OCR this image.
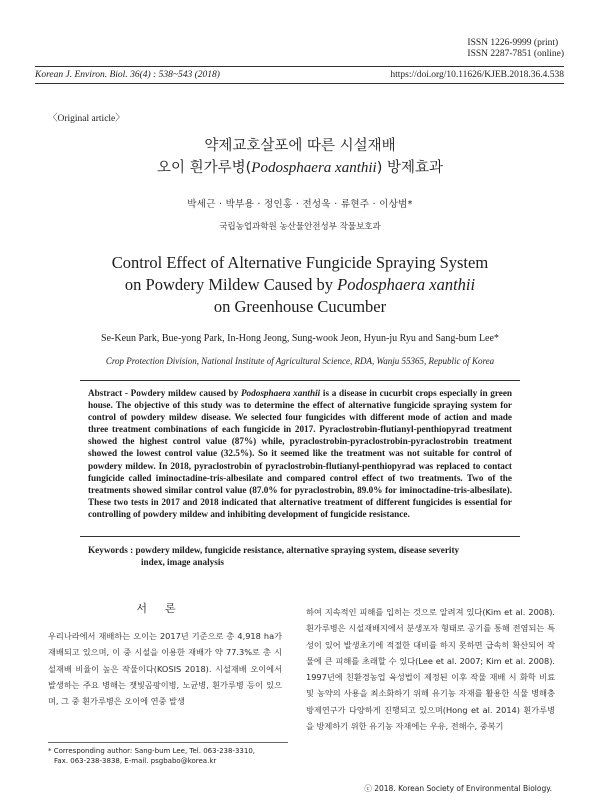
ISSN 1226-9999 (print)
ISSN 2287-7851 (online)
Korean J. Environ. Biol. 36(4) : 538~543 (2018)	https://doi.org/10.11626/KJEB.2018.36.4.538
〈Original article〉
약제교호살포에 따른 시설재배
오이 흰가루병(Podosphaera xanthii) 방제효과
박세근 · 박부용 · 정인홍 · 전성욱 · 류현주 · 이상범*
국립농업과학원 농산물안전성부 작물보호과
Control Effect of Alternative Fungicide Spraying System
on Powdery Mildew Caused by Podosphaera xanthii
on Greenhouse Cucumber
Se-Keun Park, Bue-yong Park, In-Hong Jeong, Sung-wook Jeon, Hyun-ju Ryu and Sang-bum Lee*
Crop Protection Division, National Institute of Agricultural Science, RDA, Wanju 55365, Republic of Korea

Abstract - Powdery mildew caused by Podosphaera xanthii is a disease in cucurbit crops especially in green house. The objective of this study was to determine the effect of alternative fungicide spraying system for control of powdery mildew disease. We selected four fungicides with different mode of action and made three treatment combinations of each fungicide in 2017. Pyraclostrobin-flutianyl-penthiopyrad treatment showed the highest control value (87%) while, pyraclostrobin-pyraclostrobin-pyraclostrobin treatment showed the lowest control value (32.5%). So it seemed like the treatment was not suitable for control of powdery mildew. In 2018, pyraclostrobin of pyraclostrobin-flutianyl-penthiopyrad was replaced to contact fungicide called iminoctadine-tris-albesilate and compared control effect of two treatments. Two of the treatments showed similar control value (87.0% for pyraclostrobin, 89.0% for iminoctadine-tris-albesilate). These two tests in 2017 and 2018 indicated that alternative treatment of different fungicides is essential for controlling of powdery mildew and inhibiting development of fungicide resistance.

Keywords : powdery mildew, fungicide resistance, alternative spraying system, disease severity
index, image analysis
서론
우리나라에서 재배하는 오이는 2017년 기준으로 총 4,918 ha가 재배되고 있으며, 이 중 시설을 이용한 재배가 약 77.3%로 총 시설재배 비율이 높은 작물이다(KOSIS 2018). 시설재배 오이에서 발생하는 주요 병해는 잿빛곰팡이병, 노균병, 흰가루병 등이 있으며, 그 중 흰가루병은 오이에 연중 발생
하여 지속적인 피해를 입히는 것으로 알려져 있다(Kim et al. 2008). 흰가루병은 시설재배지에서 분생포자 형태로 공기를 통해 전염되는 특성이 있어 발생초기에 적절한 대비를 하지 못하면 급속히 확산되어 작물에 큰 피해를 초래할 수 있다(Lee et al. 2007; Kim et al. 2008). 1997년에 친환경농업 육성법이 제정된 이후 작물 재배 시 화학 비료 및 농약의 사용을 최소화하기 위해 유기농 자재를 활용한 식물 병해충 방제연구가 다양하게 진행되고 있으며(Hong et al. 2014) 흰가루병을 방제하기 위한 유기농 자재에는 우유, 전해수, 중복기
* Corresponding author: Sang-bum Lee, Tel. 063-238-3310,
Fax. 063-238-3838, E-mail. psgbabo@korea.kr
ⓒ 2018. Korean Society of Environmental Biology.
